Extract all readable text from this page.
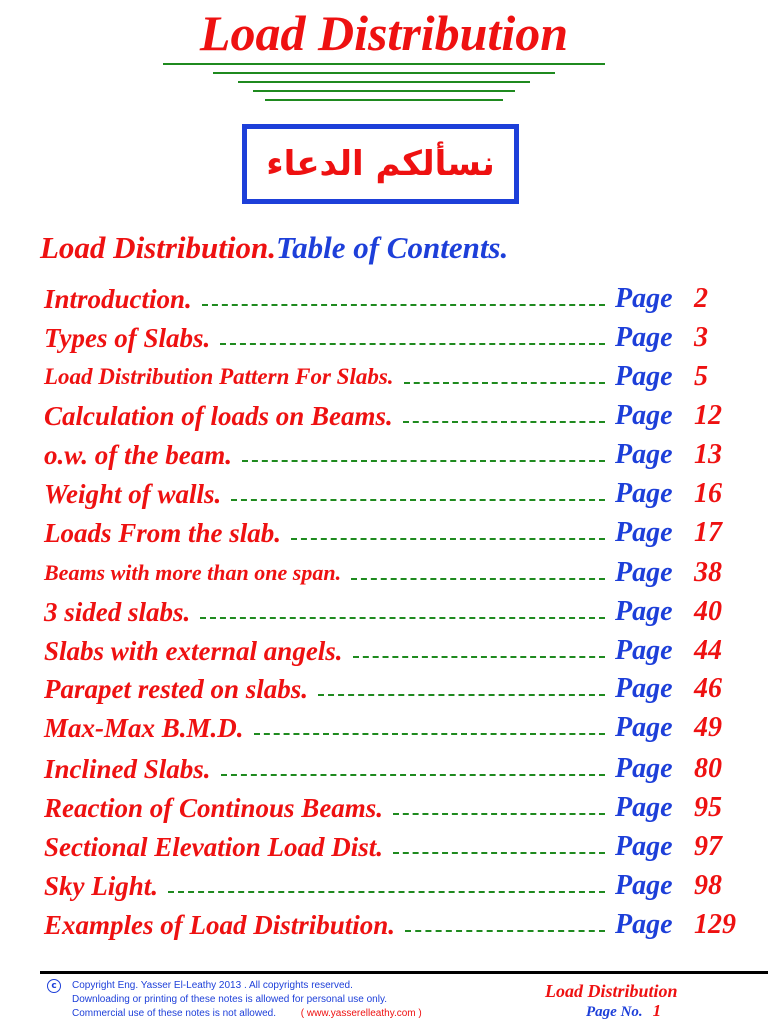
Load Distribution
نسألكم الدعاء
Load Distribution.Table of Contents.
Introduction.	Page 2
Types of Slabs.	Page 3
Load Distribution Pattern For Slabs.	Page 5
Calculation of loads on Beams.	Page 12
o.w. of the beam.	Page 13
Weight of walls.	Page 16
Loads From the slab.	Page 17
Beams with more than one span.	Page 38
3 sided slabs.	Page 40
Slabs with external angels.	Page 44
Parapet rested on slabs.	Page 46
Max-Max B.M.D.	Page 49
Inclined Slabs.	Page 80
Reaction of Continous Beams.	Page 95
Sectional Elevation Load Dist.	Page 97
Sky Light.	Page 98
Examples of Load Distribution.	Page 129
c	Copyright Eng. Yasser El-Leathy 2013 . All copyrights reserved.
Downloading or printing of these notes is allowed for personal use only.
Commercial use of these notes is not allowed. ( www.yasserelleathy.com )
Load Distribution
Page No. 1
